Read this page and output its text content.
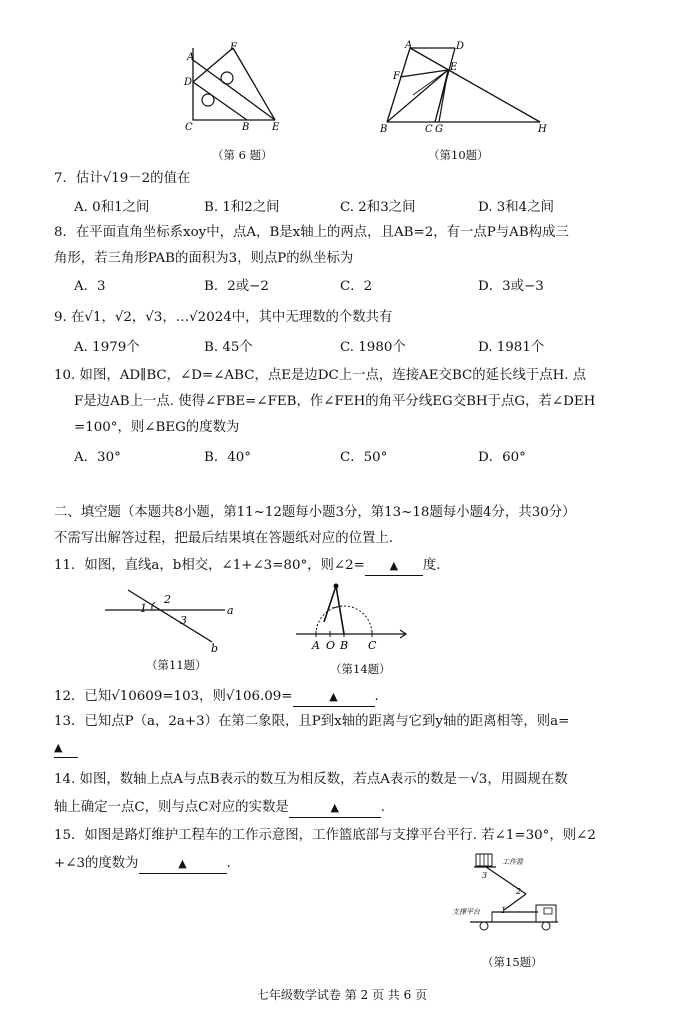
A
F
D
C	B E
（第 6 题）
A	D
E
F
B	C G	H
（第10题）
7．估计√19－2的值在
A. 0和1之间	B. 1和2之间	C. 2和3之间	D. 3和4之间
8．在平面直角坐标系xoy中，点A，B是x轴上的两点，且AB=2，有一点P与AB构成三
角形，若三角形PAB的面积为3，则点P的纵坐标为
A．3	B．2或−2	C．2	D．3或−3
9. 在√1，√2，√3，…√2024中，其中无理数的个数共有
A. 1979个	B. 45个	C. 1980个	D. 1981个
10. 如图，AD∥BC，∠D=∠ABC，点E是边DC上一点，连接AE交BC的延长线于点H. 点
F是边AB上一点. 使得∠FBE=∠FEB，作∠FEH的角平分线EG交BH于点G，若∠DEH
=100°，则∠BEG的度数为
A．30°	B．40°	C．50°	D．60°
二、填空题（本题共8小题，第11~12题每小题3分，第13~18题每小题4分，共30分）
不需写出解答过程，把最后结果填在答题纸对应的位置上.
11．如图，直线a，b相交，∠1+∠3=80°，则∠2= ▲ 度.
1
2
3
a
b
（第11题）
A O B C
（第14题）
12．已知√10609=103，则√106.09=	▲	.
13．已知点P（a，2a+3）在第二象限，且P到x轴的距离与它到y轴的距离相等，则a=
▲
14. 如图，数轴上点A与点B表示的数互为相反数，若点A表示的数是－√3，用圆规在数
轴上确定一点C，则与点C对应的实数是	▲	.
15．如图是路灯维护工程车的工作示意图，工作篮底部与支撑平台平行. 若∠1=30°，则∠2
+∠3的度数为	▲	.	工作篮
支撑平台	1
2
3
（第15题）
七年级数学试卷 第 2 页 共 6 页
